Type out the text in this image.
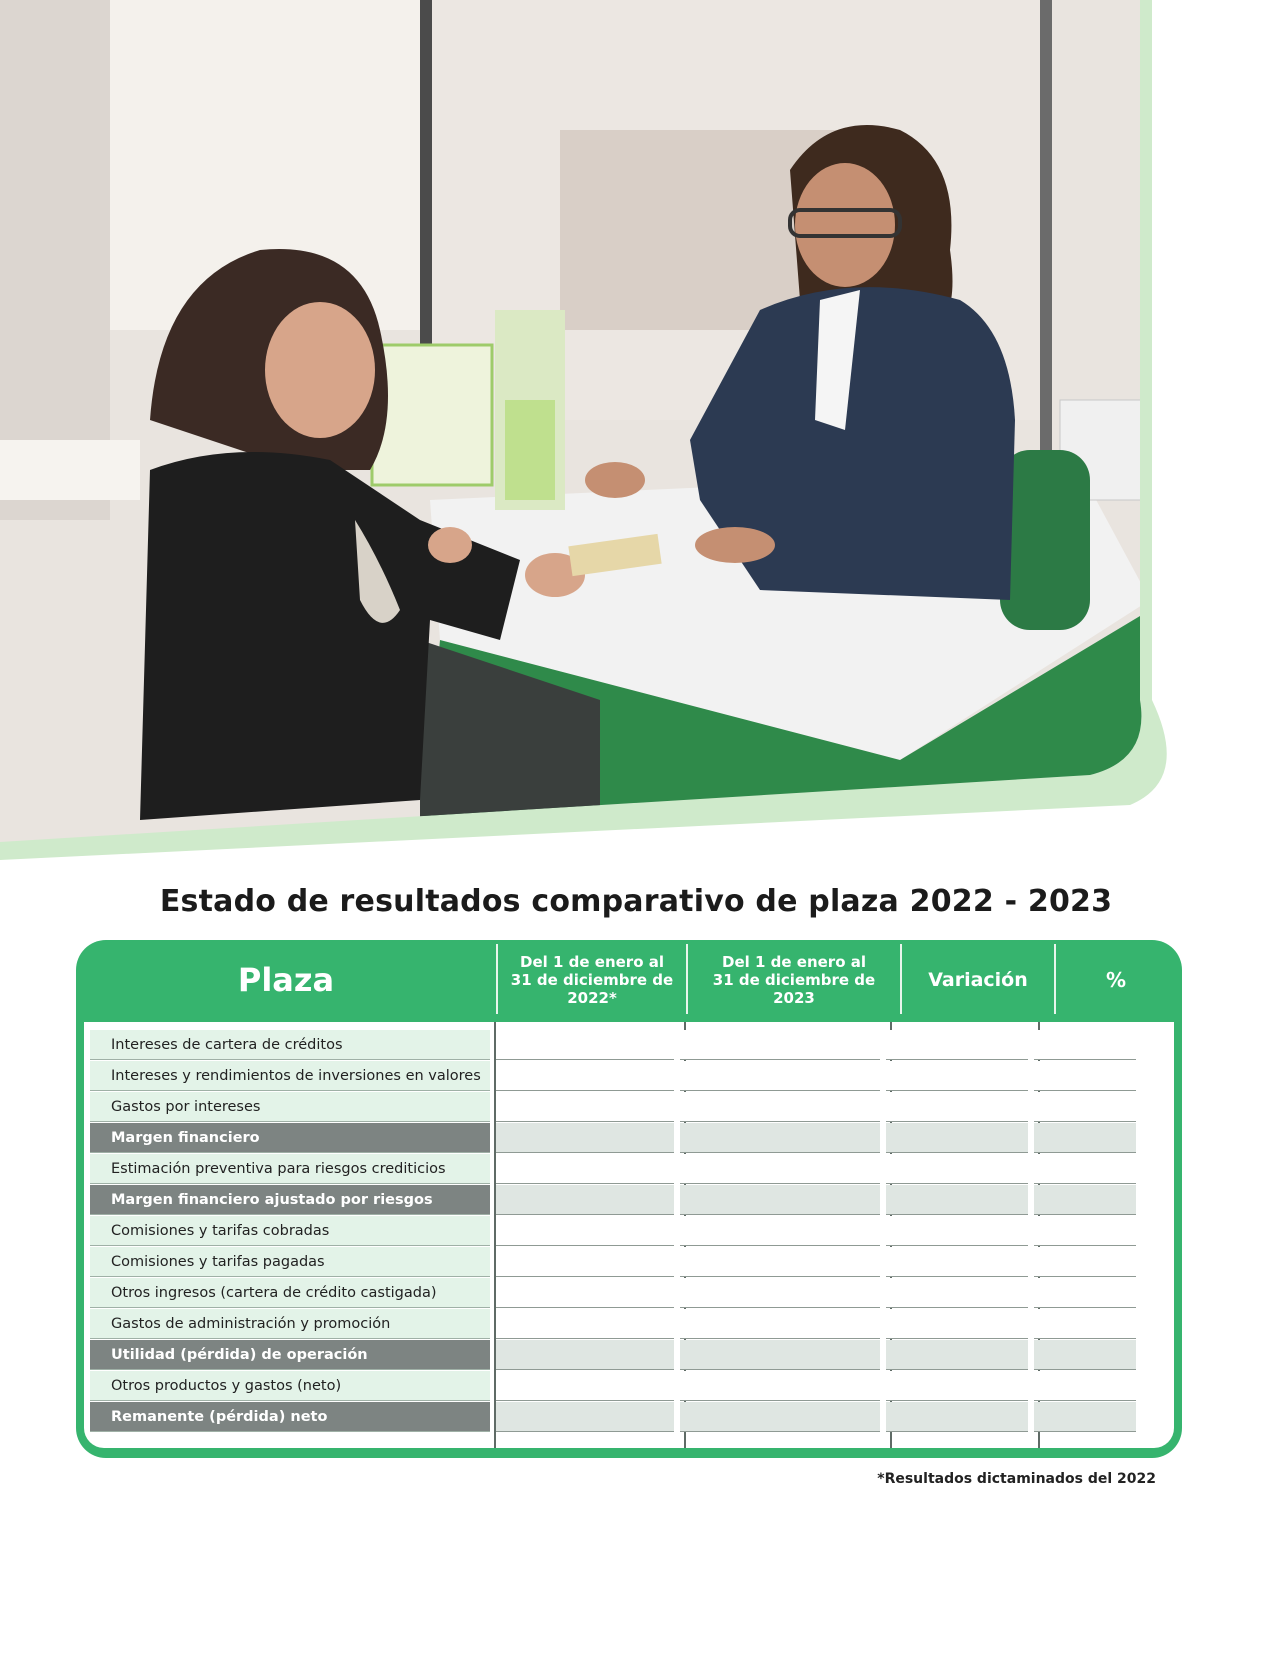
Estado de resultados comparativo de plaza 2022 - 2023
Plaza	Del 1 de enero al 31 de diciembre de 2022*
Del 1 de enero al 31 de diciembre de 2023
Variación	%
Intereses de cartera de créditos
Intereses y rendimientos de inversiones en valores
Gastos por intereses
Margen financiero
Estimación preventiva para riesgos crediticios
Margen financiero ajustado por riesgos
Comisiones y tarifas cobradas
Comisiones y tarifas pagadas
Otros ingresos (cartera de crédito castigada)
Gastos de administración y promoción
Utilidad (pérdida) de operación
Otros productos y gastos (neto)
Remanente (pérdida) neto
*Resultados dictaminados del 2022
